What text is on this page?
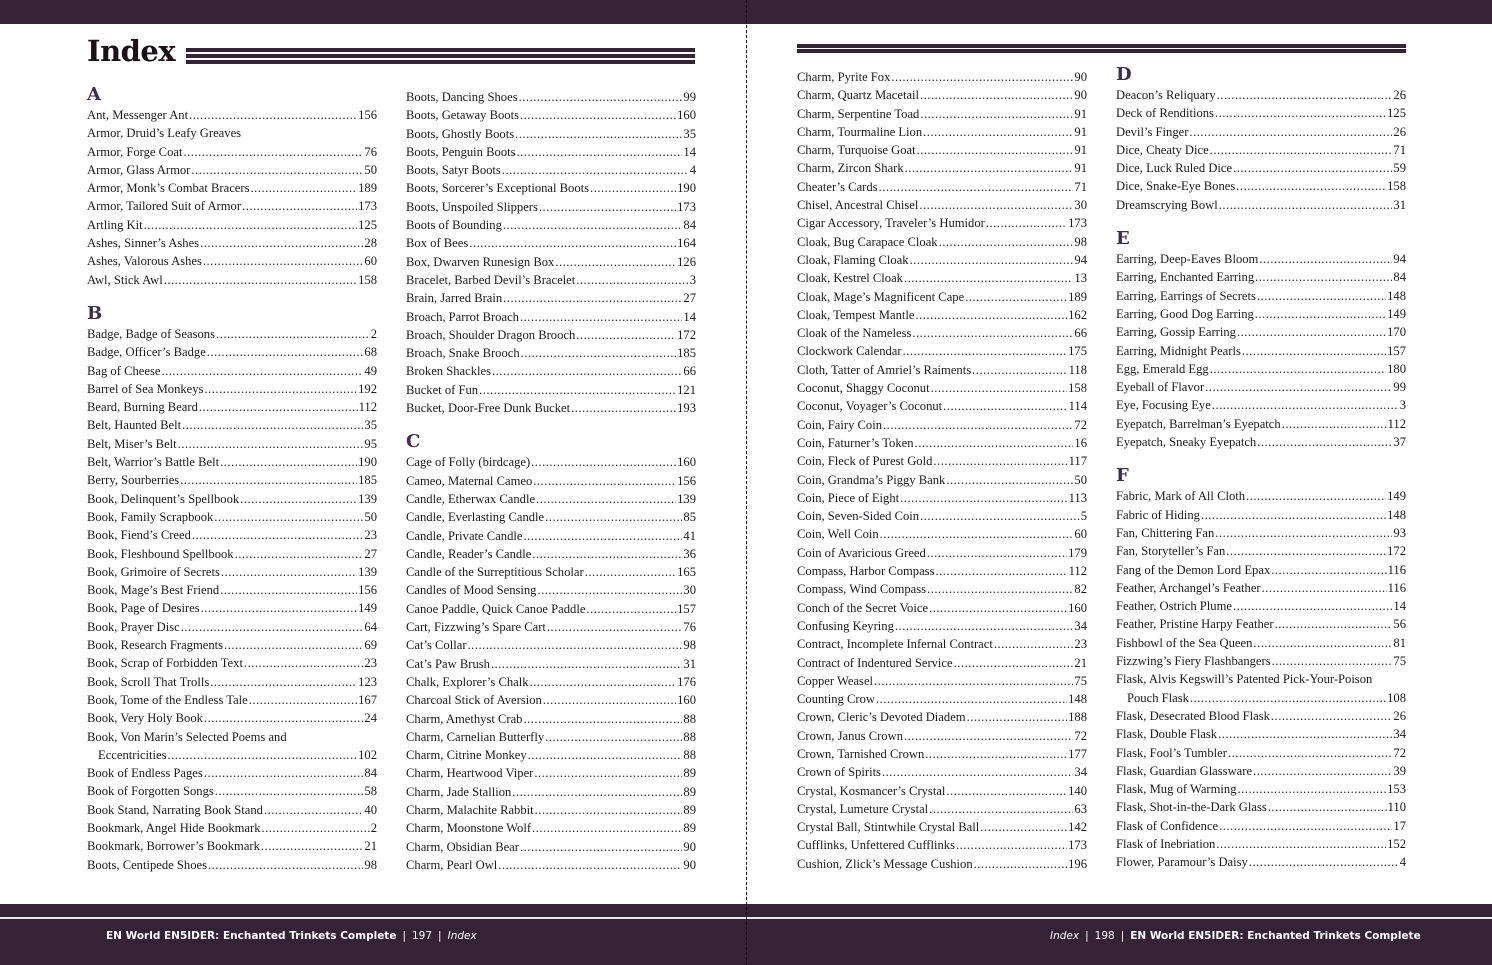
Index
A
Ant, Messenger Ant .....	156
Armor, Druid’s Leafy Greaves
Armor, Forge Coat .....	76
Armor, Glass Armor .....	50
Armor, Monk’s Combat Bracers .....	189
Armor, Tailored Suit of Armor .....	173
Artling Kit .....	125
Ashes, Sinner’s Ashes .....	28
Ashes, Valorous Ashes .....	60
Awl, Stick Awl .....	158
B
Badge, Badge of Seasons .....	2
Badge, Officer’s Badge .....	68
Bag of Cheese .....	49
Barrel of Sea Monkeys .....	192
Beard, Burning Beard .....	112
Belt, Haunted Belt .....	35
Belt, Miser’s Belt .....	95
Belt, Warrior’s Battle Belt .....	190
Berry, Sourberries .....	185
Book, Delinquent’s Spellbook .....	139
Book, Family Scrapbook .....	50
Book, Fiend’s Creed .....	23
Book, Fleshbound Spellbook .....	27
Book, Grimoire of Secrets .....	139
Book, Mage’s Best Friend .....	156
Book, Page of Desires .....	149
Book, Prayer Disc .....	64
Book, Research Fragments .....	69
Book, Scrap of Forbidden Text .....	23
Book, Scroll That Trolls .....	123
Book, Tome of the Endless Tale .....	167
Book, Very Holy Book .....	24
Book, Von Marin’s Selected Poems and
Eccentricities .....	102
Book of Endless Pages .....	84
Book of Forgotten Songs .....	58
Book Stand, Narrating Book Stand .....	40
Bookmark, Angel Hide Bookmark .....	2
Bookmark, Borrower’s Bookmark .....	21
Boots, Centipede Shoes .....	98
Boots, Dancing Shoes .....	99
Boots, Getaway Boots .....	160
Boots, Ghostly Boots .....	35
Boots, Penguin Boots .....	14
Boots, Satyr Boots .....	4
Boots, Sorcerer’s Exceptional Boots .....	190
Boots, Unspoiled Slippers .....	173
Boots of Bounding .....	84
Box of Bees .....	164
Box, Dwarven Runesign Box .....	126
Bracelet, Barbed Devil’s Bracelet .....	3
Brain, Jarred Brain .....	27
Broach, Parrot Broach .....	14
Broach, Shoulder Dragon Brooch .....	172
Broach, Snake Brooch .....	185
Broken Shackles .....	66
Bucket of Fun .....	121
Bucket, Door-Free Dunk Bucket .....	193
C
Cage of Folly (birdcage) .....	160
Cameo, Maternal Cameo .....	156
Candle, Etherwax Candle .....	139
Candle, Everlasting Candle .....	85
Candle, Private Candle .....	41
Candle, Reader’s Candle .....	36
Candle of the Surreptitious Scholar .....	165
Candles of Mood Sensing .....	30
Canoe Paddle, Quick Canoe Paddle .....	157
Cart, Fizzwing’s Spare Cart .....	76
Cat’s Collar .....	98
Cat’s Paw Brush .....	31
Chalk, Explorer’s Chalk .....	176
Charcoal Stick of Aversion .....	160
Charm, Amethyst Crab .....	88
Charm, Carnelian Butterfly .....	88
Charm, Citrine Monkey .....	88
Charm, Heartwood Viper .....	89
Charm, Jade Stallion .....	89
Charm, Malachite Rabbit .....	89
Charm, Moonstone Wolf .....	89
Charm, Obsidian Bear .....	90
Charm, Pearl Owl .....	90
Charm, Pyrite Fox .....	90
Charm, Quartz Macetail .....	90
Charm, Serpentine Toad .....	91
Charm, Tourmaline Lion .....	91
Charm, Turquoise Goat .....	91
Charm, Zircon Shark .....	91
Cheater’s Cards .....	71
Chisel, Ancestral Chisel .....	30
Cigar Accessory, Traveler’s Humidor .....	173
Cloak, Bug Carapace Cloak .....	98
Cloak, Flaming Cloak .....	94
Cloak, Kestrel Cloak .....	13
Cloak, Mage’s Magnificent Cape .....	189
Cloak, Tempest Mantle .....	162
Cloak of the Nameless .....	66
Clockwork Calendar .....	175
Cloth, Tatter of Amriel’s Raiments .....	118
Coconut, Shaggy Coconut .....	158
Coconut, Voyager’s Coconut .....	114
Coin, Fairy Coin .....	72
Coin, Faturner’s Token .....	16
Coin, Fleck of Purest Gold .....	117
Coin, Grandma’s Piggy Bank .....	50
Coin, Piece of Eight .....	113
Coin, Seven-Sided Coin .....	5
Coin, Well Coin .....	60
Coin of Avaricious Greed .....	179
Compass, Harbor Compass .....	112
Compass, Wind Compass .....	82
Conch of the Secret Voice .....	160
Confusing Keyring .....	34
Contract, Incomplete Infernal Contract .....	23
Contract of Indentured Service .....	21
Copper Weasel .....	75
Counting Crow .....	148
Crown, Cleric’s Devoted Diadem .....	188
Crown, Janus Crown .....	72
Crown, Tarnished Crown .....	177
Crown of Spirits .....	34
Crystal, Kosmancer’s Crystal .....	140
Crystal, Lumeture Crystal .....	63
Crystal Ball, Stintwhile Crystal Ball .....	142
Cufflinks, Unfettered Cufflinks .....	173
Cushion, Zlick’s Message Cushion .....	196
D
Deacon’s Reliquary .....	26
Deck of Renditions .....	125
Devil’s Finger .....	26
Dice, Cheaty Dice .....	71
Dice, Luck Ruled Dice .....	59
Dice, Snake-Eye Bones .....	158
Dreamscrying Bowl .....	31
E
Earring, Deep-Eaves Bloom .....	94
Earring, Enchanted Earring .....	84
Earring, Earrings of Secrets .....	148
Earring, Good Dog Earring .....	149
Earring, Gossip Earring .....	170
Earring, Midnight Pearls .....	157
Egg, Emerald Egg .....	180
Eyeball of Flavor .....	99
Eye, Focusing Eye .....	3
Eyepatch, Barrelman’s Eyepatch .....	112
Eyepatch, Sneaky Eyepatch .....	37
F
Fabric, Mark of All Cloth .....	149
Fabric of Hiding .....	148
Fan, Chittering Fan .....	93
Fan, Storyteller’s Fan .....	172
Fang of the Demon Lord Epax .....	116
Feather, Archangel’s Feather .....	116
Feather, Ostrich Plume .....	14
Feather, Pristine Harpy Feather .....	56
Fishbowl of the Sea Queen .....	81
Fizzwing’s Fiery Flashbangers .....	75
Flask, Alvis Kegswill’s Patented Pick-Your-Poison
Pouch Flask .....	108
Flask, Desecrated Blood Flask .....	26
Flask, Double Flask .....	34
Flask, Fool’s Tumbler .....	72
Flask, Guardian Glassware .....	39
Flask, Mug of Warming .....	153
Flask, Shot-in-the-Dark Glass .....	110
Flask of Confidence .....	17
Flask of Inebriation .....	152
Flower, Paramour’s Daisy .....	4
EN World EN5IDER: Enchanted Trinkets Complete | 197 | Index	Index | 198 | EN World EN5IDER: Enchanted Trinkets Complete
